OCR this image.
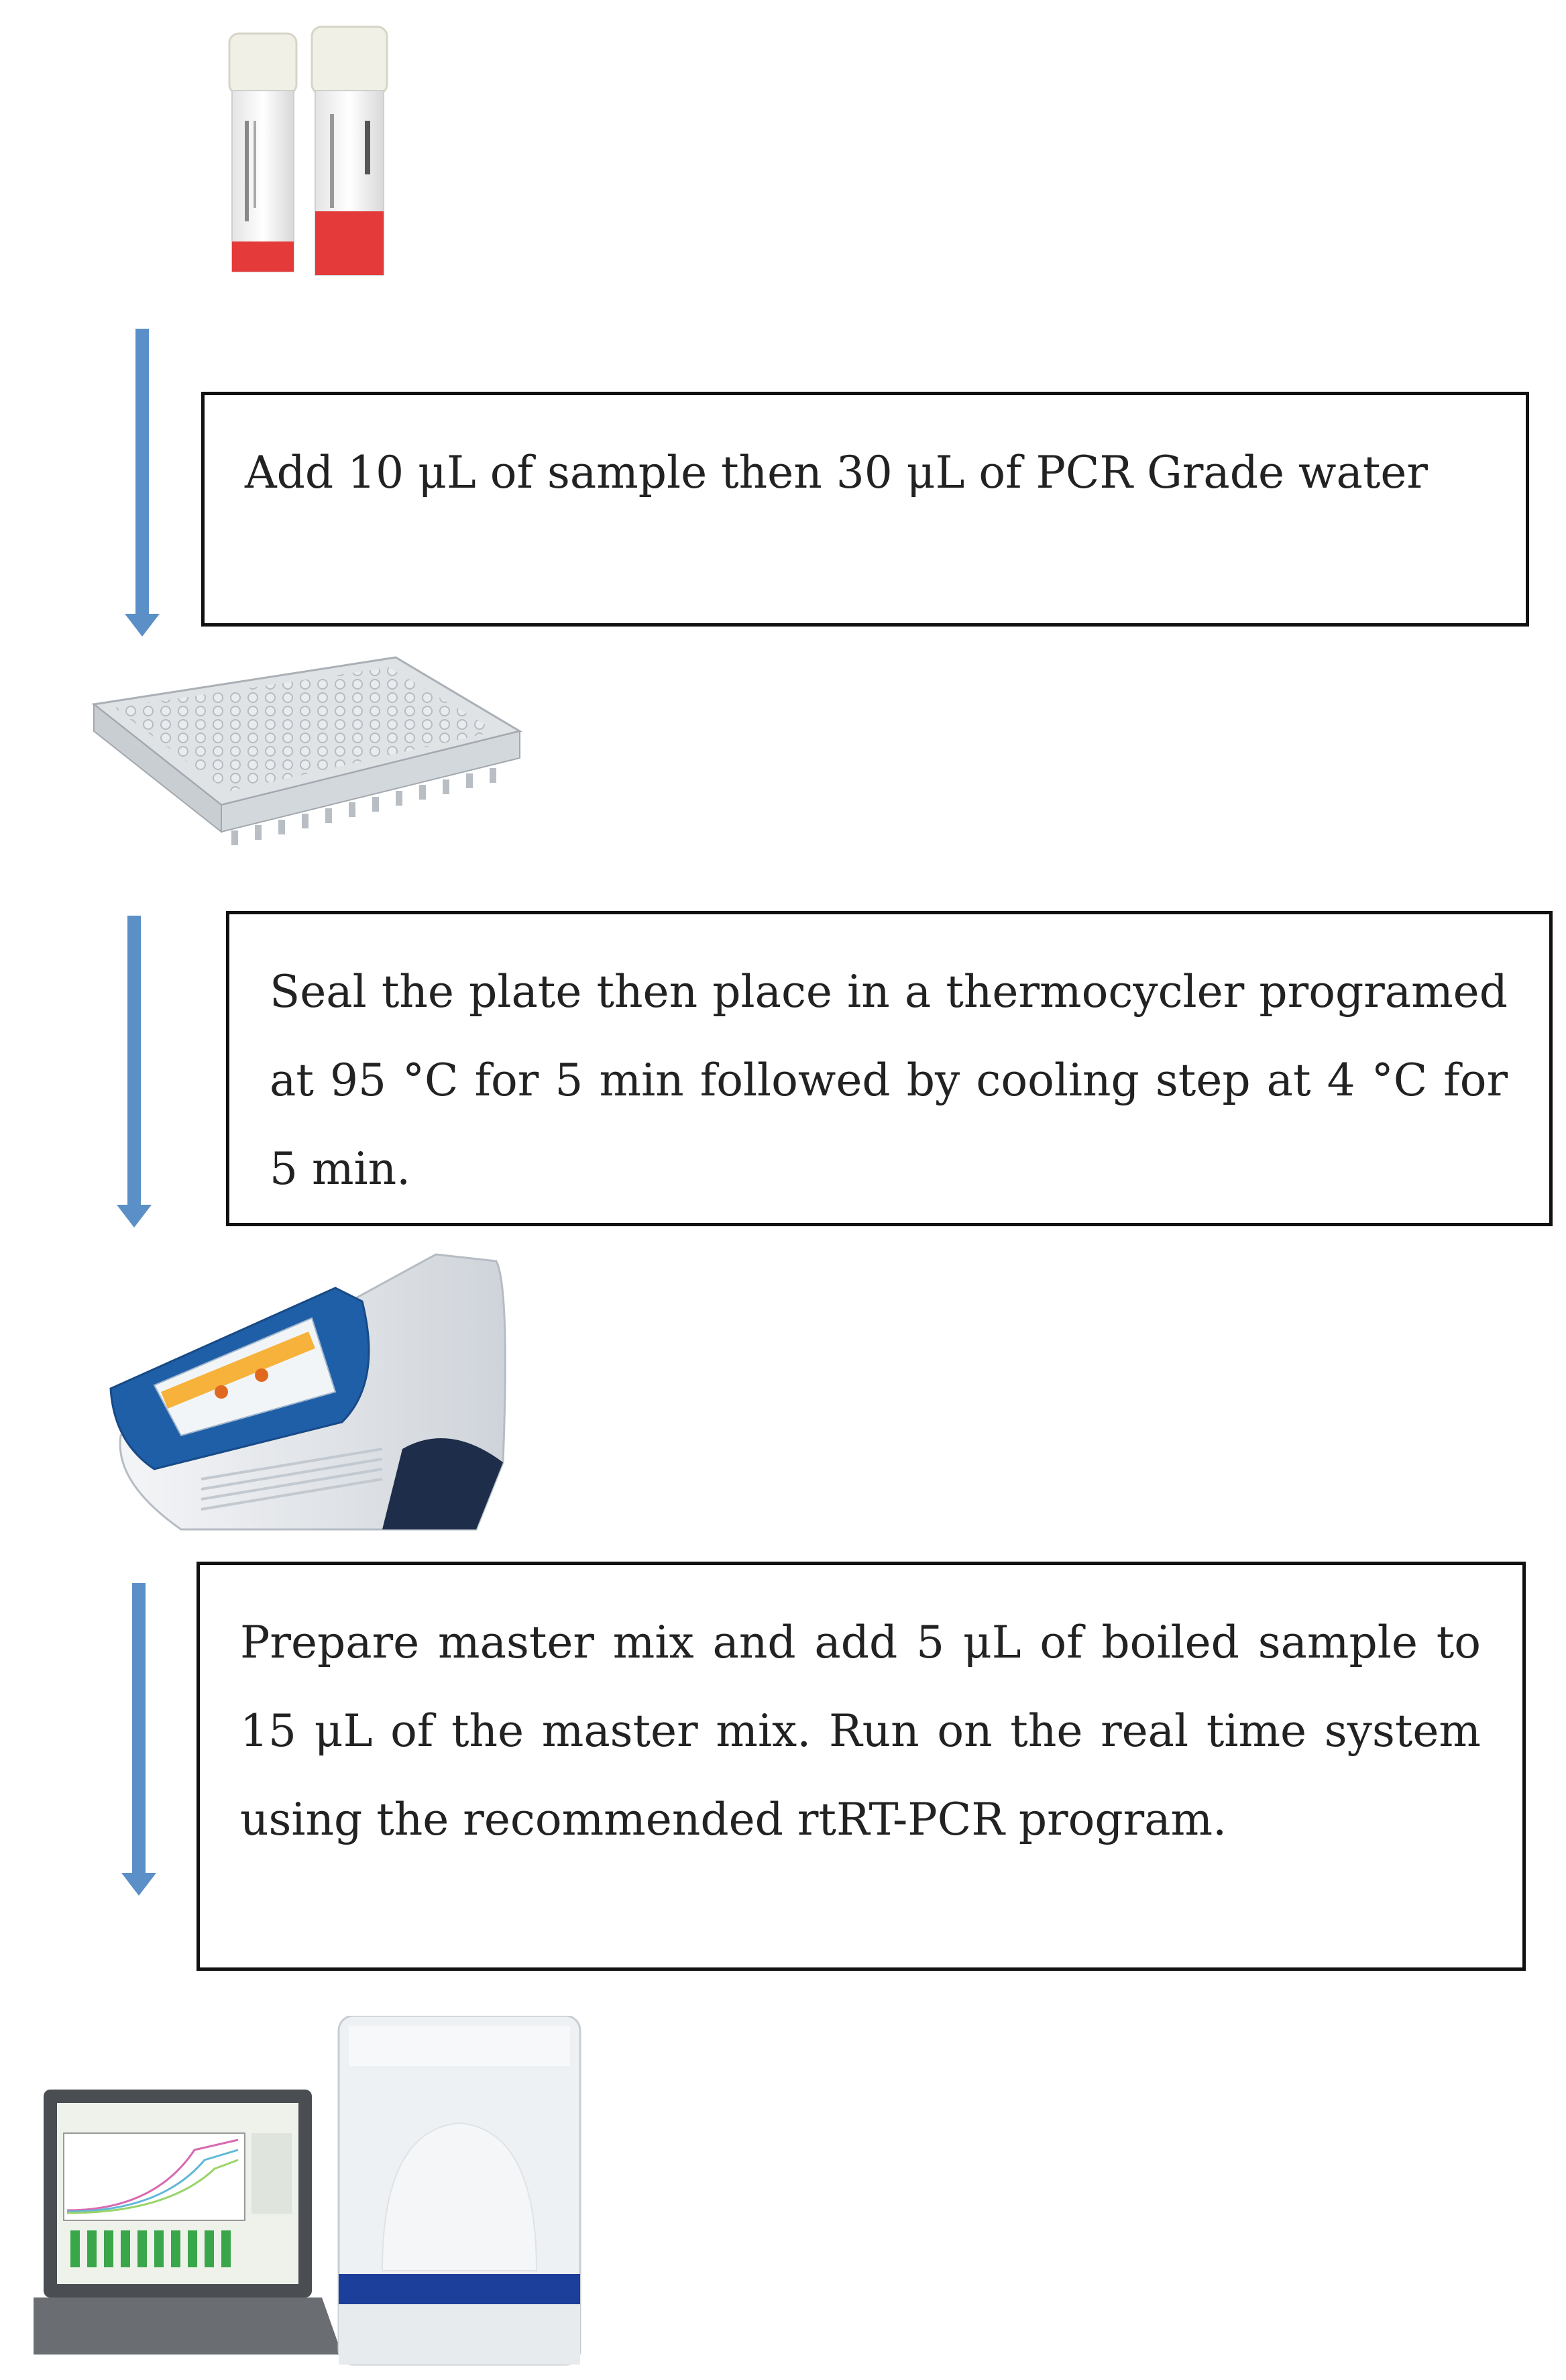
Add 10 μL of sample then 30 μL of PCR Grade water
Seal the plate then place in a thermocycler programed at 95 °C for 5 min followed by cooling step at 4 °C for 5 min.
Prepare master mix and add 5 μL of boiled sample to 15 μL of the master mix. Run on the real time system using the recommended rtRT-PCR program.
